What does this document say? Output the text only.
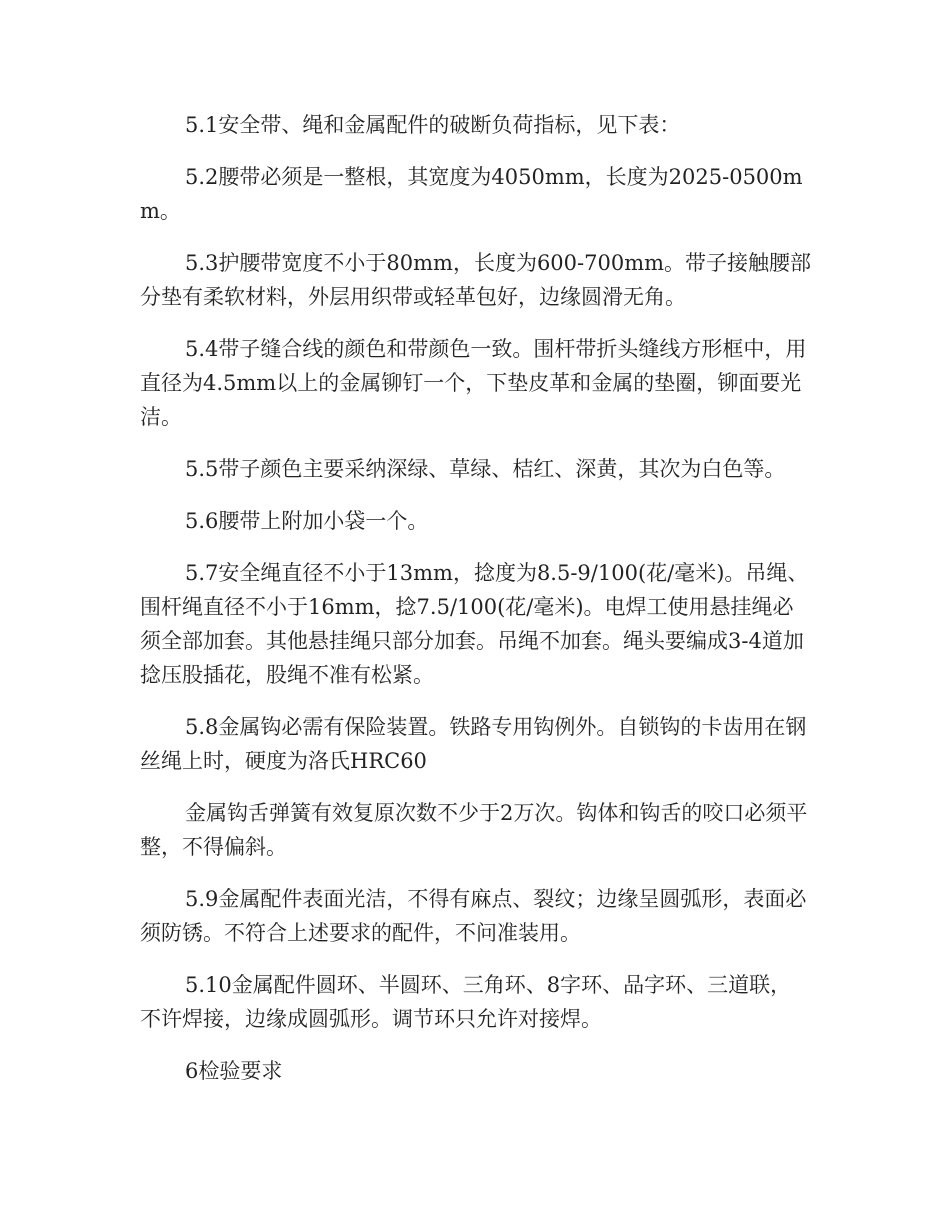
5.1安全带、绳和金属配件的破断负荷指标，见下表：

5.2腰带必须是一整根，其宽度为4050mm，长度为2025-0500mm。

5.3护腰带宽度不小于80mm，长度为600-700mm。带子接触腰部分垫有柔软材料，外层用织带或轻革包好，边缘圆滑无角。

5.4带子缝合线的颜色和带颜色一致。围杆带折头缝线方形框中，用直径为4.5mm以上的金属铆钉一个，下垫皮革和金属的垫圈，铆面要光洁。

5.5带子颜色主要采纳深绿、草绿、桔红、深黄，其次为白色等。

5.6腰带上附加小袋一个。

5.7安全绳直径不小于13mm，捻度为8.5-9/100(花/毫米)。吊绳、围杆绳直径不小于16mm，捻7.5/100(花/毫米)。电焊工使用悬挂绳必须全部加套。其他悬挂绳只部分加套。吊绳不加套。绳头要编成3-4道加捻压股插花，股绳不准有松紧。

5.8金属钩必需有保险装置。铁路专用钩例外。自锁钩的卡齿用在钢丝绳上时，硬度为洛氏HRC60

金属钩舌弹簧有效复原次数不少于2万次。钩体和钩舌的咬口必须平整，不得偏斜。

5.9金属配件表面光洁，不得有麻点、裂纹；边缘呈圆弧形，表面必须防锈。不符合上述要求的配件，不问准装用。

5.10金属配件圆环、半圆环、三角环、8字环、品字环、三道联，不许焊接，边缘成圆弧形。调节环只允许对接焊。

6检验要求
